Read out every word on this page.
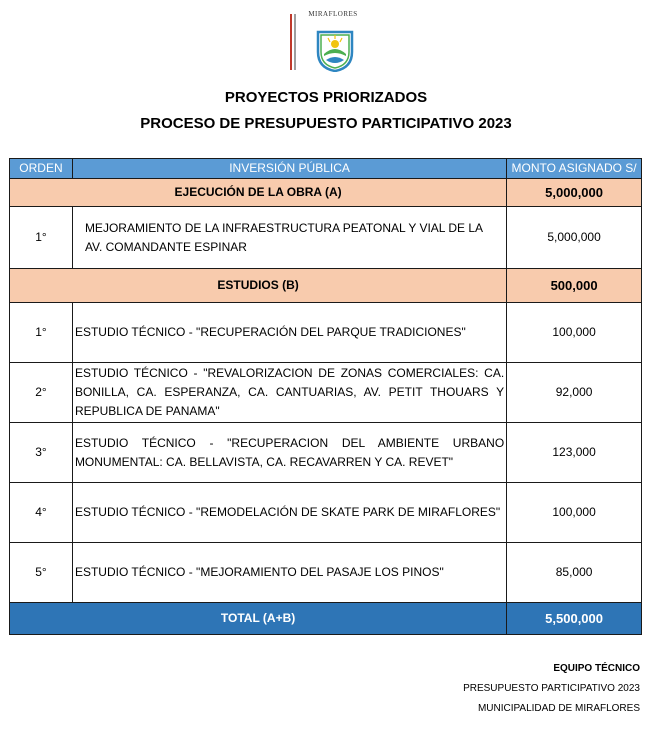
MIRAFLORES
PROYECTOS PRIORIZADOS
PROCESO DE PRESUPUESTO PARTICIPATIVO 2023
ORDEN	INVERSIÓN PÚBLICA	MONTO ASIGNADO S/
EJECUCIÓN DE LA OBRA (A)		5,000,000
1°	MEJORAMIENTO DE LA INFRAESTRUCTURA PEATONAL Y VIAL DE LA AV. COMANDANTE ESPINAR	5,000,000
ESTUDIOS (B)		500,000
1°	ESTUDIO TÉCNICO - "RECUPERACIÓN DEL PARQUE TRADICIONES"	100,000
2°	ESTUDIO TÉCNICO - "REVALORIZACION DE ZONAS COMERCIALES: CA. BONILLA, CA. ESPERANZA, CA. CANTUARIAS, AV. PETIT THOUARS Y REPUBLICA DE PANAMA"	92,000
3°	ESTUDIO TÉCNICO - "RECUPERACION DEL AMBIENTE URBANO MONUMENTAL: CA. BELLAVISTA, CA. RECAVARREN Y CA. REVET"	123,000
4°	ESTUDIO TÉCNICO - "REMODELACIÓN DE SKATE PARK DE MIRAFLORES"	100,000
5°	ESTUDIO TÉCNICO - "MEJORAMIENTO DEL PASAJE LOS PINOS"	85,000
TOTAL (A+B)		5,500,000
EQUIPO TÉCNICO
PRESUPUESTO PARTICIPATIVO 2023
MUNICIPALIDAD DE MIRAFLORES
